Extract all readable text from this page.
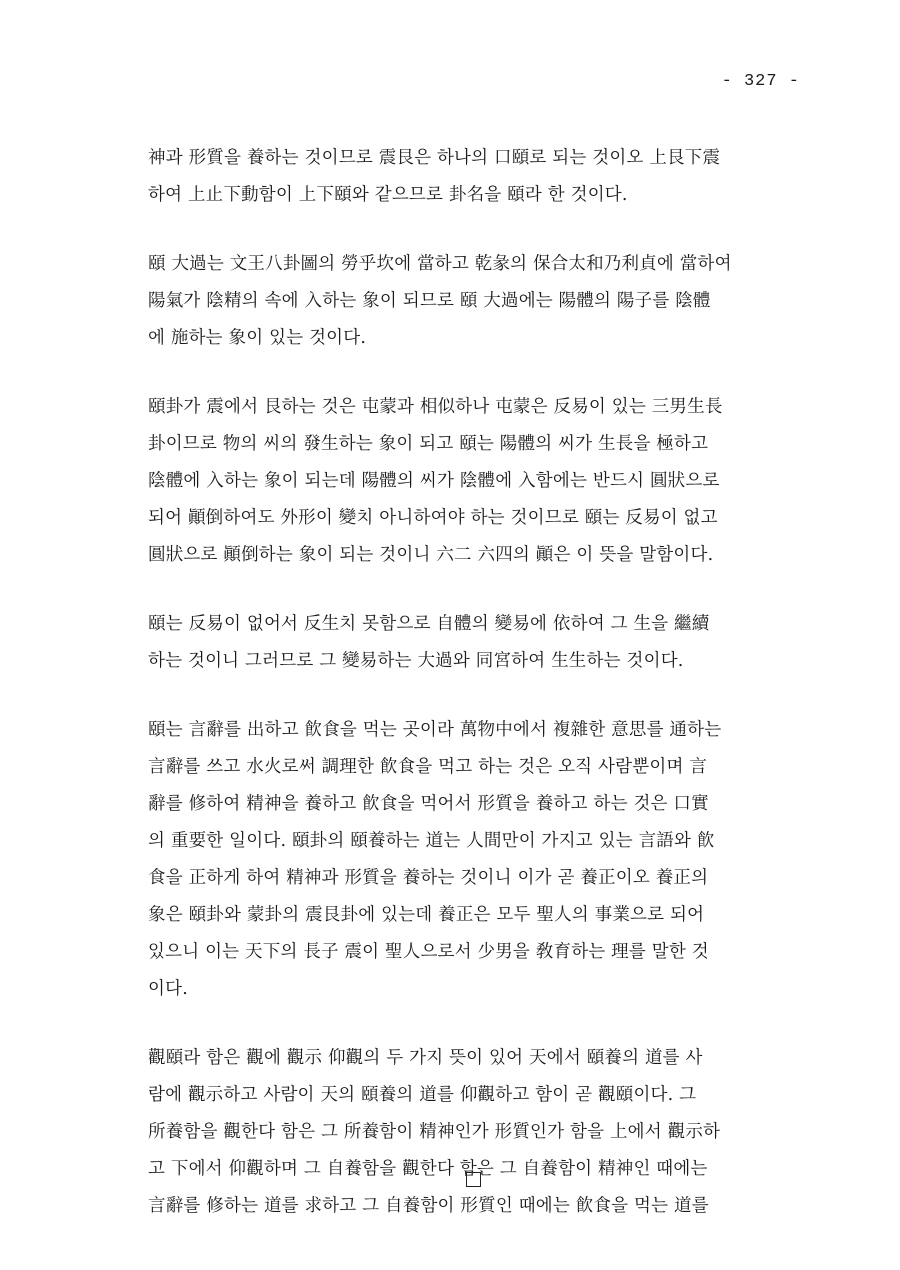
- 327 -

神과 形質을 養하는 것이므로 震艮은 하나의 口頤로 되는 것이오 上艮下震
하여 上止下動함이 上下頤와 같으므로 卦名을 頤라 한 것이다.

頤 大過는 文王八卦圖의 勞乎坎에 當하고 乾彖의 保合太和乃利貞에 當하여
陽氣가 陰精의 속에 入하는 象이 되므로 頤 大過에는 陽體의 陽子를 陰體
에 施하는 象이 있는 것이다.

頤卦가 震에서 艮하는 것은 屯蒙과 相似하나 屯蒙은 反易이 있는 三男生長
卦이므로 物의 씨의 發生하는 象이 되고 頤는 陽體의 씨가 生長을 極하고
陰體에 入하는 象이 되는데 陽體의 씨가 陰體에 入함에는 반드시 圓狀으로
되어 顚倒하여도 外形이 變치 아니하여야 하는 것이므로 頤는 反易이 없고
圓狀으로 顚倒하는 象이 되는 것이니 六二 六四의 顚은 이 뜻을 말함이다.

頤는 反易이 없어서 反生치 못함으로 自體의 變易에 依하여 그 生을 繼續
하는 것이니 그러므로 그 變易하는 大過와 同宮하여 生生하는 것이다.

頤는 言辭를 出하고 飮食을 먹는 곳이라 萬物中에서 複雜한 意思를 通하는
言辭를 쓰고 水火로써 調理한 飮食을 먹고 하는 것은 오직 사람뿐이며 言
辭를 修하여 精神을 養하고 飮食을 먹어서 形質을 養하고 하는 것은 口實
의 重要한 일이다. 頤卦의 頤養하는 道는 人間만이 가지고 있는 言語와 飮
食을 正하게 하여 精神과 形質을 養하는 것이니 이가 곧 養正이오 養正의
象은 頤卦와 蒙卦의 震艮卦에 있는데 養正은 모두 聖人의 事業으로 되어
있으니 이는 天下의 長子 震이 聖人으로서 少男을 敎育하는 理를 말한 것
이다.

觀頤라 함은 觀에 觀示 仰觀의 두 가지 뜻이 있어 天에서 頤養의 道를 사
람에 觀示하고 사람이 天의 頤養의 道를 仰觀하고 함이 곧 觀頤이다. 그
所養함을 觀한다 함은 그 所養함이 精神인가 形質인가 함을 上에서 觀示하
고 下에서 仰觀하며 그 自養함을 觀한다 함은 그 自養함이 精神인 때에는
言辭를 修하는 道를 求하고 그 自養함이 形質인 때에는 飮食을 먹는 道를
